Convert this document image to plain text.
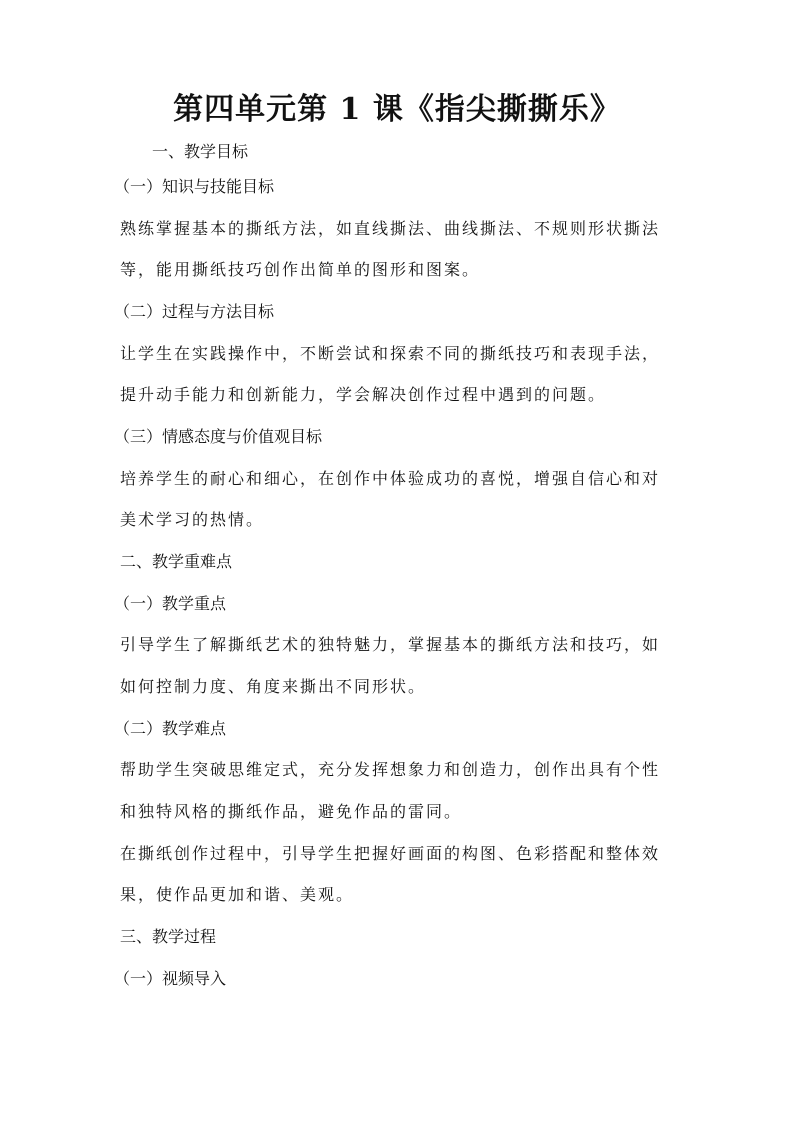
第四单元第 1 课《指尖撕撕乐》
一、教学目标
（一）知识与技能目标
熟练掌握基本的撕纸方法，如直线撕法、曲线撕法、不规则形状撕法
等，能用撕纸技巧创作出简单的图形和图案。
（二）过程与方法目标
让学生在实践操作中，不断尝试和探索不同的撕纸技巧和表现手法，
提升动手能力和创新能力，学会解决创作过程中遇到的问题。
（三）情感态度与价值观目标
培养学生的耐心和细心，在创作中体验成功的喜悦，增强自信心和对
美术学习的热情。
二、教学重难点
（一）教学重点
引导学生了解撕纸艺术的独特魅力，掌握基本的撕纸方法和技巧，如
如何控制力度、角度来撕出不同形状。
（二）教学难点
帮助学生突破思维定式，充分发挥想象力和创造力，创作出具有个性
和独特风格的撕纸作品，避免作品的雷同。
在撕纸创作过程中，引导学生把握好画面的构图、色彩搭配和整体效
果，使作品更加和谐、美观。
三、教学过程
（一）视频导入
